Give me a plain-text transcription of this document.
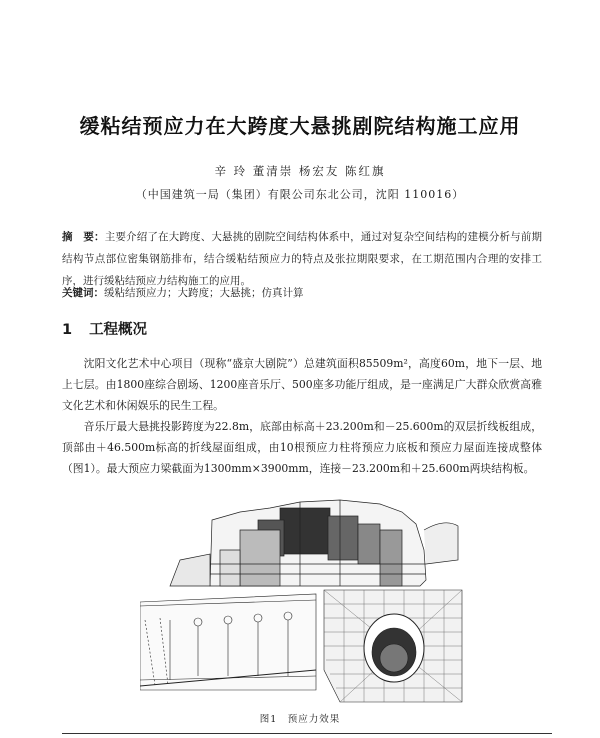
缓粘结预应力在大跨度大悬挑剧院结构施工应用
辛 玲 董清崇 杨宏友 陈红旗
（中国建筑一局（集团）有限公司东北公司，沈阳 110016）
摘　要：主要介绍了在大跨度、大悬挑的剧院空间结构体系中，通过对复杂空间结构的建模分析与前期结构节点部位密集钢筋排布，结合缓粘结预应力的特点及张拉期限要求，在工期范围内合理的安排工序，进行缓粘结预应力结构施工的应用。
关键词：缓粘结预应力；大跨度；大悬挑；仿真计算
1 工程概况
沈阳文化艺术中心项目（现称“盛京大剧院”）总建筑面积85509m²，高度60m，地下一层、地上七层。由1800座综合剧场、1200座音乐厅、500座多功能厅组成，是一座满足广大群众欣赏高雅文化艺术和休闲娱乐的民生工程。
音乐厅最大悬挑投影跨度为22.8m，底部由标高＋23.200m和－25.600m的双层折线板组成，顶部由＋46.500m标高的折线屋面组成，由10根预应力柱将预应力底板和预应力屋面连接成整体（图1）。最大预应力梁截面为1300mm×3900mm，连接－23.200m和＋25.600m两块结构板。
图1　预应力效果
